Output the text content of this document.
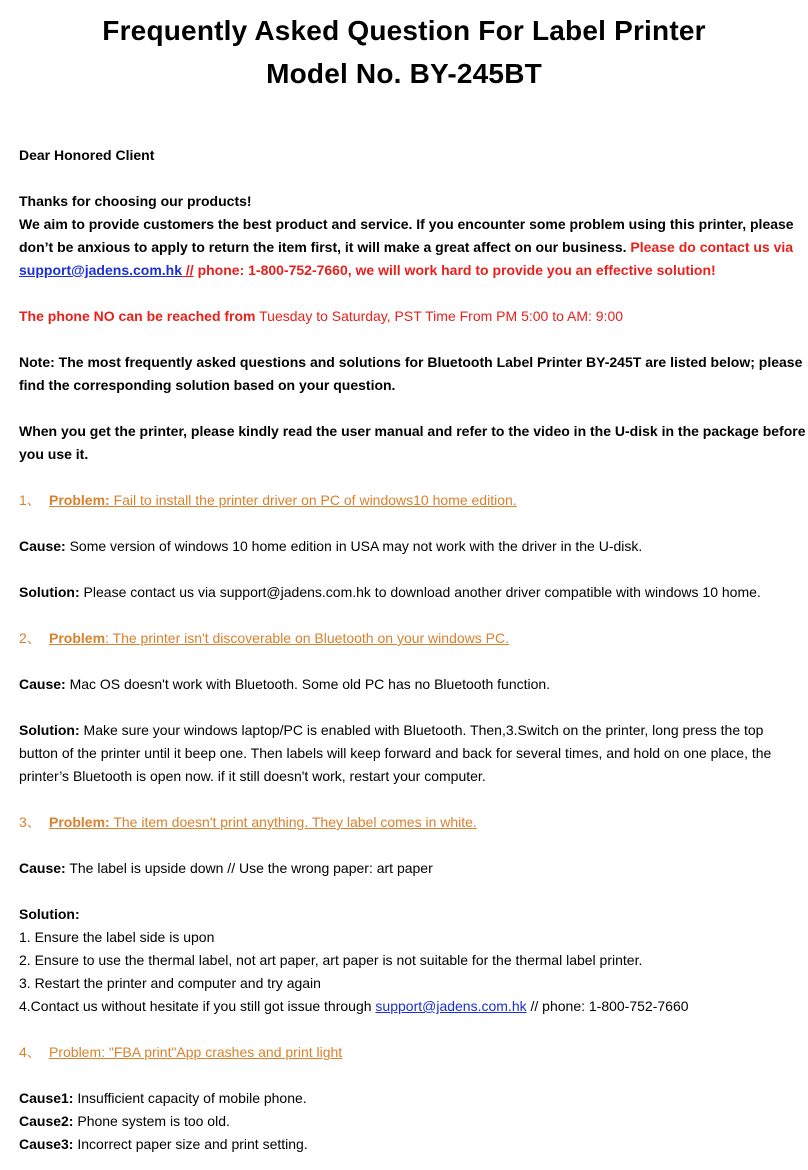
Frequently Asked Question For Label Printer
Model No. BY-245BT

Dear Honored Client

Thanks for choosing our products!

We aim to provide customers the best product and service. If you encounter some problem using this printer, please

don’t be anxious to apply to return the item first, it will make a great affect on our business. Please do contact us via

support@jadens.com.hk // phone: 1-800-752-7660, we will work hard to provide you an effective solution!

The phone NO can be reached from Tuesday to Saturday, PST Time From PM 5:00 to AM: 9:00

Note: The most frequently asked questions and solutions for Bluetooth Label Printer BY-245T are listed below; please

find the corresponding solution based on your question.

When you get the printer, please kindly read the user manual and refer to the video in the U-disk in the package before

you use it.

1、 Problem: Fail to install the printer driver on PC of windows10 home edition.

Cause: Some version of windows 10 home edition in USA may not work with the driver in the U-disk.

Solution: Please contact us via support@jadens.com.hk to download another driver compatible with windows 10 home.

2、 Problem: The printer isn't discoverable on Bluetooth on your windows PC.

Cause: Mac OS doesn't work with Bluetooth. Some old PC has no Bluetooth function.

Solution: Make sure your windows laptop/PC is enabled with Bluetooth. Then,3.Switch on the printer, long press the top

button of the printer until it beep one. Then labels will keep forward and back for several times, and hold on one place, the

printer’s Bluetooth is open now. if it still doesn't work, restart your computer.

3、 Problem: The item doesn't print anything. They label comes in white.

Cause: The label is upside down // Use the wrong paper: art paper

Solution:

1. Ensure the label side is upon

2. Ensure to use the thermal label, not art paper, art paper is not suitable for the thermal label printer.

3. Restart the printer and computer and try again

4.Contact us without hesitate if you still got issue through support@jadens.com.hk // phone: 1-800-752-7660

4、 Problem: "FBA print"App crashes and print light

Cause1: Insufficient capacity of mobile phone.

Cause2: Phone system is too old.

Cause3: Incorrect paper size and print setting.
